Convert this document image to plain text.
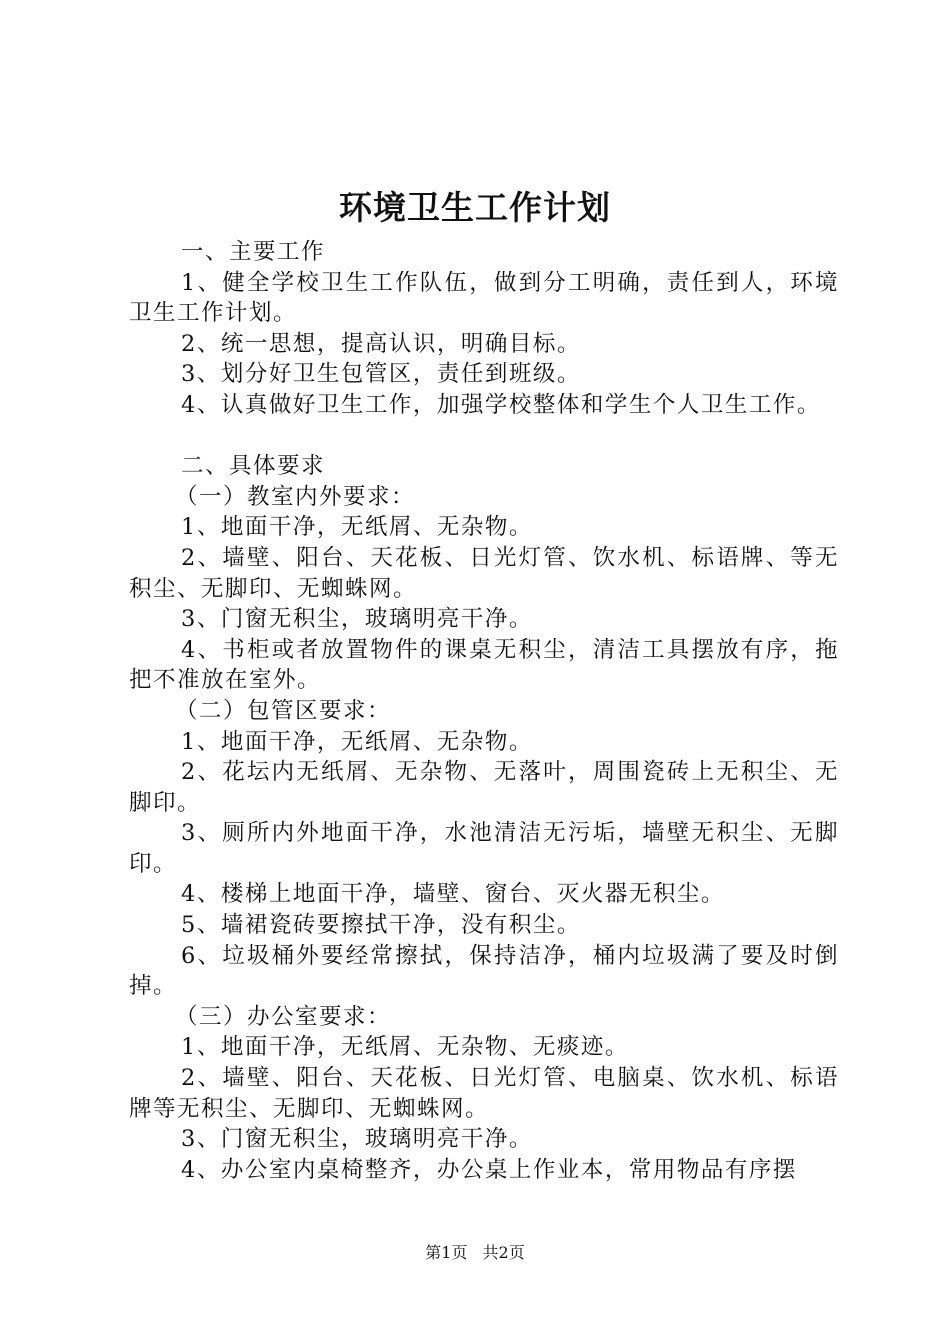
环境卫生工作计划

一、主要工作

1、健全学校卫生工作队伍，做到分工明确，责任到人，环境卫生工作计划。

2、统一思想，提高认识，明确目标。

3、划分好卫生包管区，责任到班级。

4、认真做好卫生工作，加强学校整体和学生个人卫生工作。

二、具体要求

（一）教室内外要求：

1、地面干净，无纸屑、无杂物。

2、墙壁、阳台、天花板、日光灯管、饮水机、标语牌、等无积尘、无脚印、无蜘蛛网。

3、门窗无积尘，玻璃明亮干净。

4、书柜或者放置物件的课桌无积尘，清洁工具摆放有序，拖把不准放在室外。

（二）包管区要求：

1、地面干净，无纸屑、无杂物。

2、花坛内无纸屑、无杂物、无落叶，周围瓷砖上无积尘、无脚印。

3、厕所内外地面干净，水池清洁无污垢，墙壁无积尘、无脚印。

4、楼梯上地面干净，墙壁、窗台、灭火器无积尘。

5、墙裙瓷砖要擦拭干净，没有积尘。

6、垃圾桶外要经常擦拭，保持洁净，桶内垃圾满了要及时倒掉。

（三）办公室要求：

1、地面干净，无纸屑、无杂物、无痰迹。

2、墙壁、阳台、天花板、日光灯管、电脑桌、饮水机、标语牌等无积尘、无脚印、无蜘蛛网。

3、门窗无积尘，玻璃明亮干净。

4、办公室内桌椅整齐，办公桌上作业本，常用物品有序摆

第1页 共2页
